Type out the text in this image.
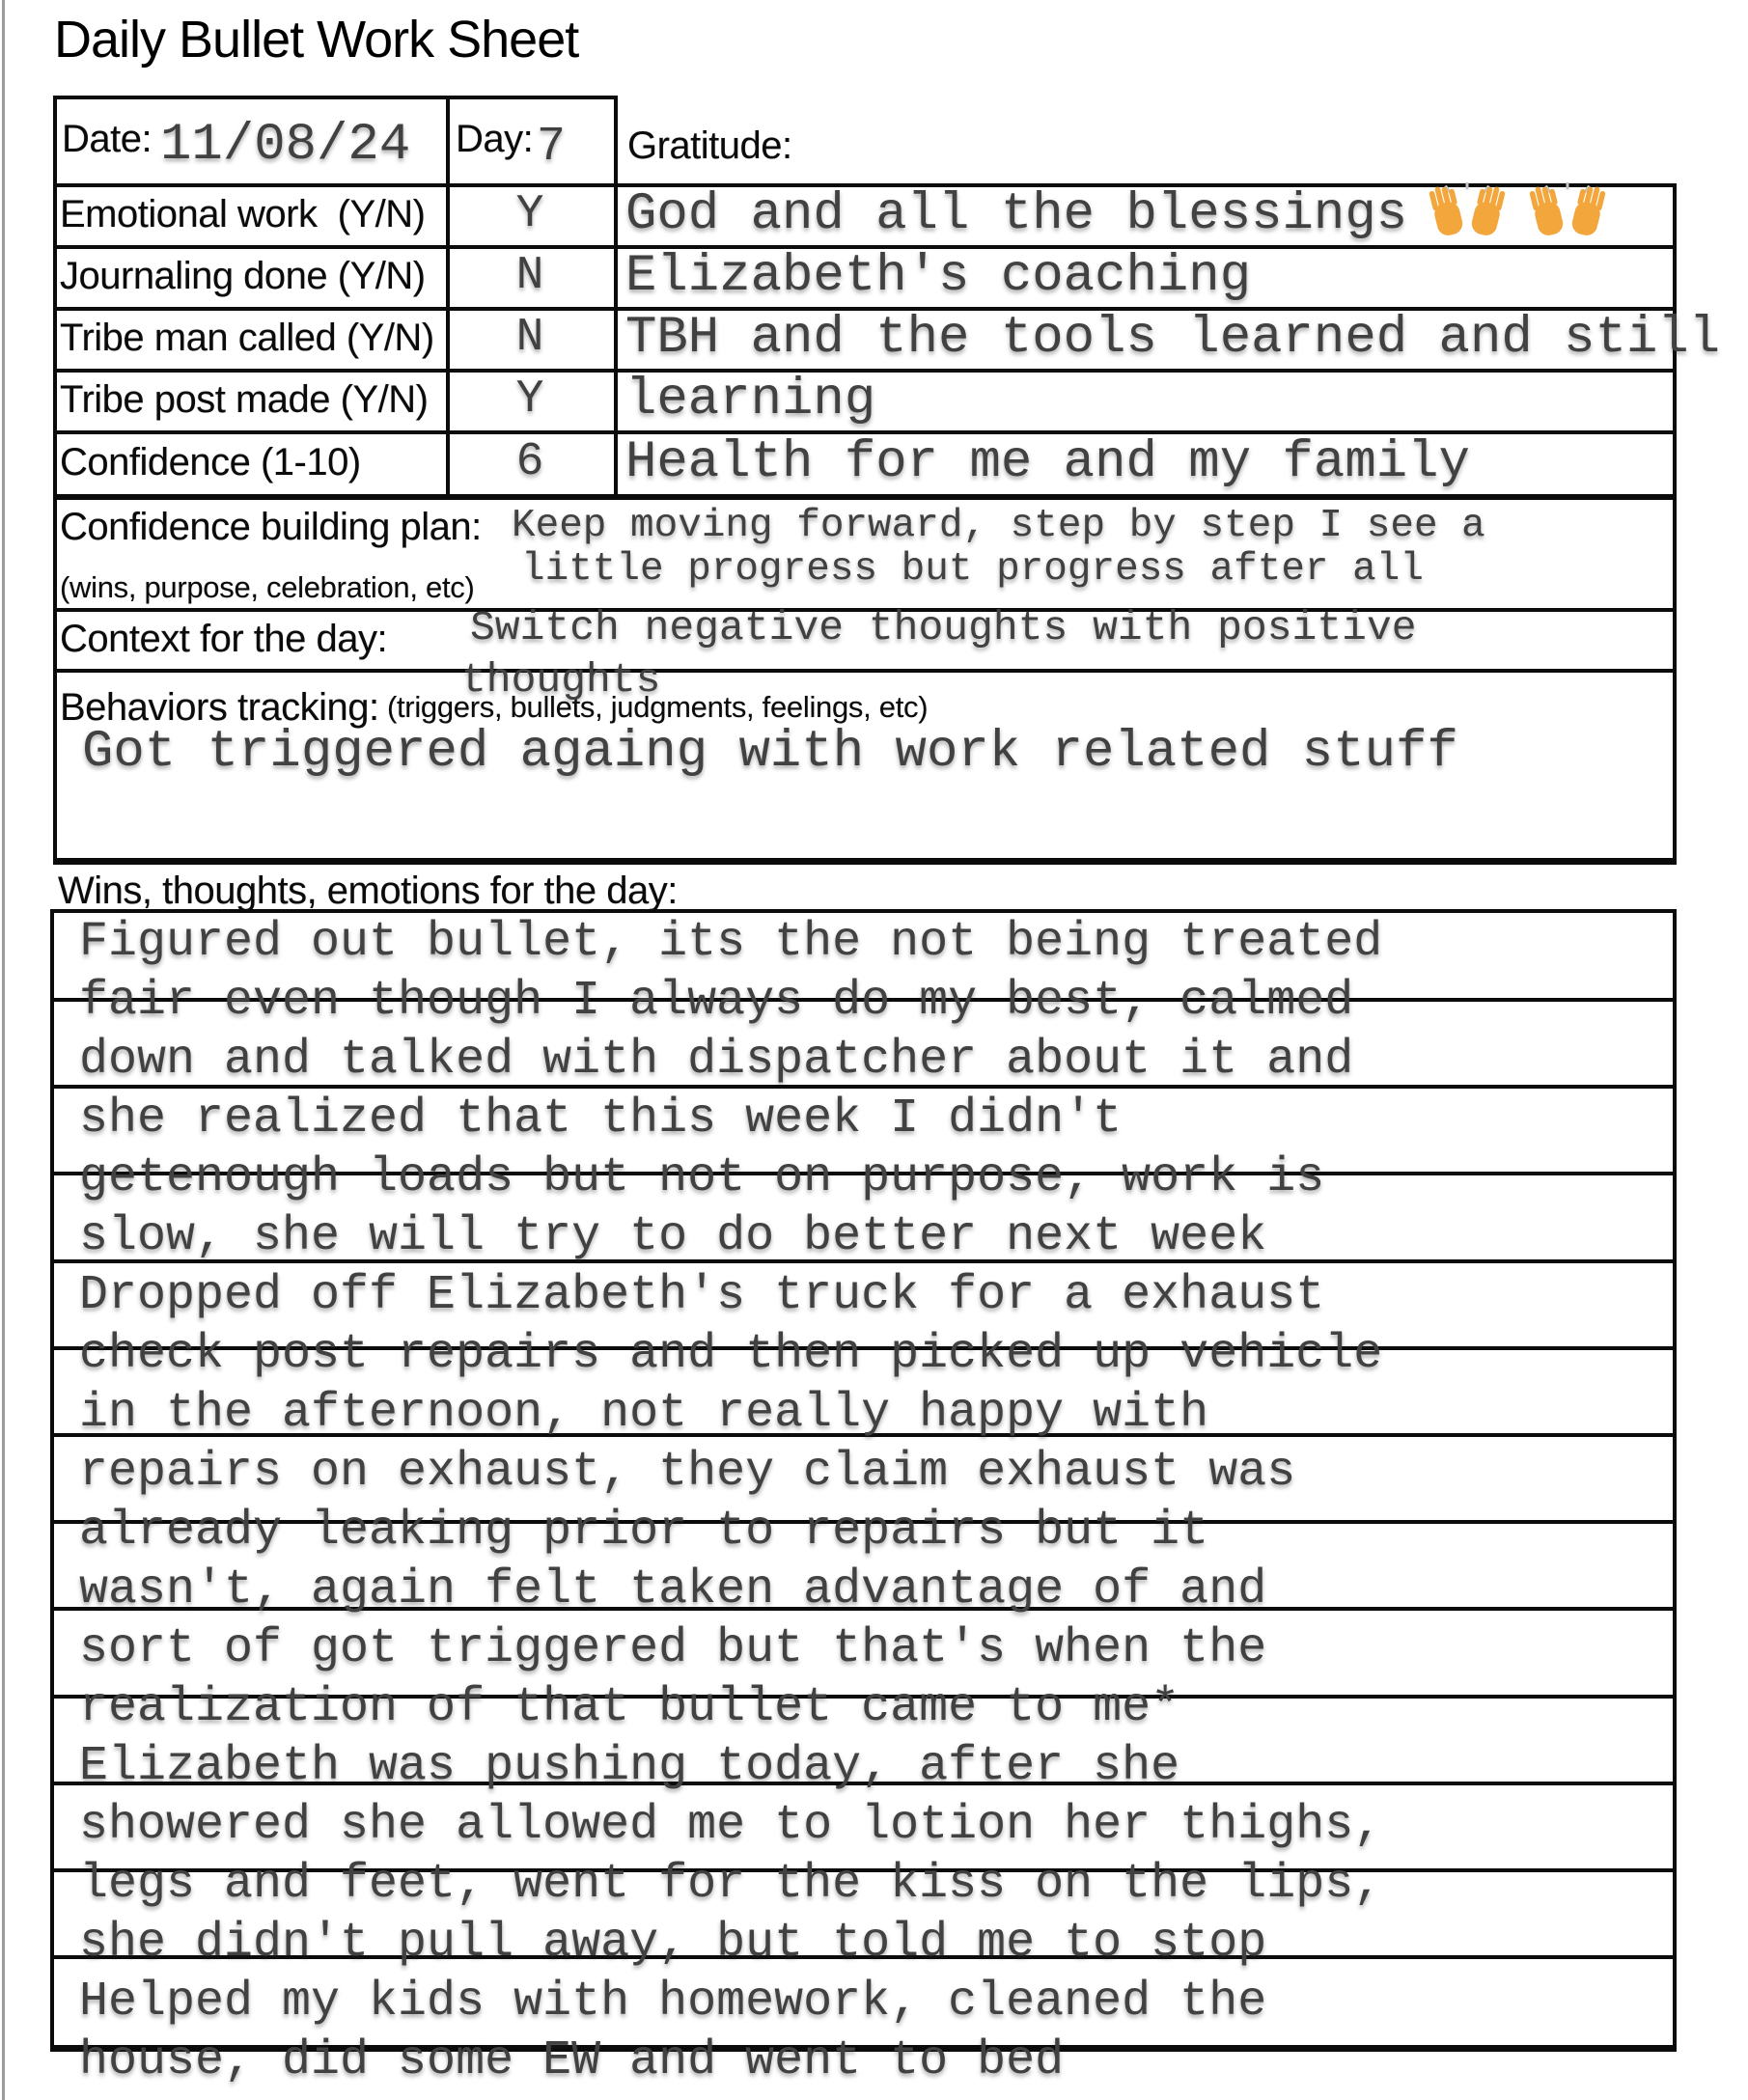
Daily Bullet Work Sheet
Date:	Day: Gratitude:
Emotional work  (Y/N)
Journaling done (Y/N)
Tribe man called (Y/N)
Tribe post made (Y/N)
Confidence (1-10)
Y
N
N
Y
6
11/08/24	7
God and all the blessings
Elizabeth's coaching
TBH and the tools learned and still
learning
Health for me and my family
Confidence building plan:
(wins, purpose, celebration, etc)
Keep moving forward, step by step I see a
little progress but progress after all
Context for the day: Switch negative thoughts with positive
thoughts
Behaviors tracking: (triggers, bullets, judgments, feelings, etc)
Got triggered againg with work related stuff
Wins, thoughts, emotions for the day:
Figured out bullet, its the not being treated
fair even though I always do my best, calmed
down and talked with dispatcher about it and
she realized that this week I didn't
getenough loads but not on purpose, work is
slow, she will try to do better next week
Dropped off Elizabeth's truck for a exhaust
check post repairs and then picked up vehicle
in the afternoon, not really happy with
repairs on exhaust, they claim exhaust was
already leaking prior to repairs but it
wasn't, again felt taken advantage of and
sort of got triggered but that's when the
realization of that bullet came to me*
Elizabeth was pushing today, after she
showered she allowed me to lotion her thighs,
legs and feet, went for the kiss on the lips,
she didn't pull away, but told me to stop
Helped my kids with homework, cleaned the
house, did some EW and went to bed
